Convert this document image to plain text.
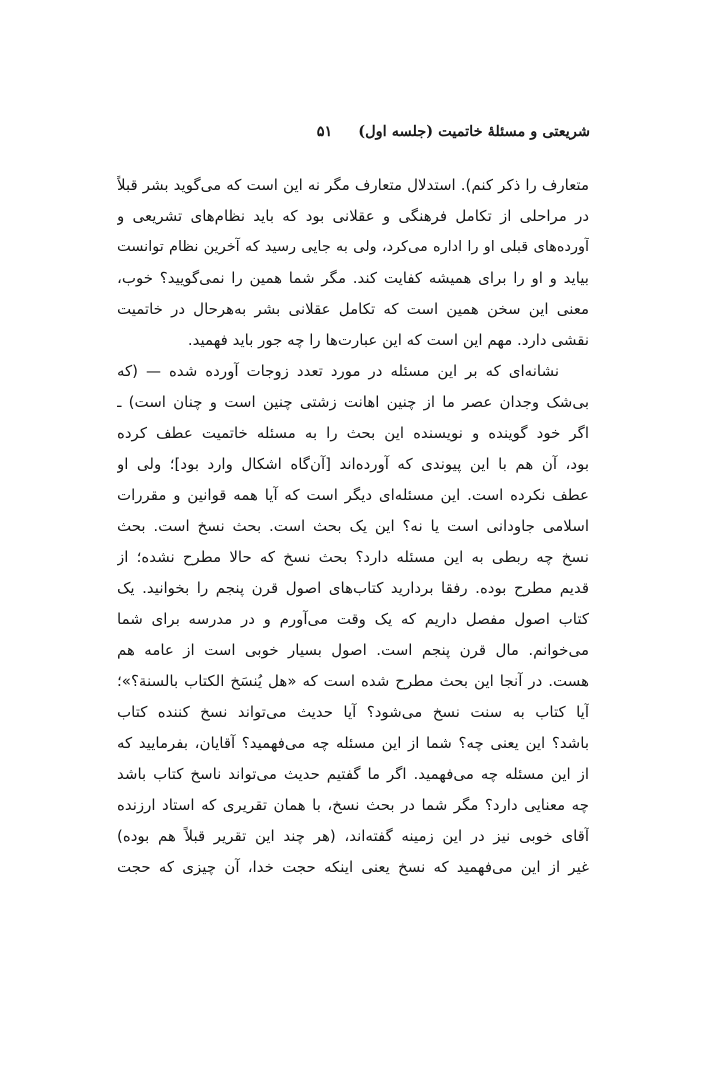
شریعتی و مسئلهٔ خاتمیت (جلسه اول)
۵۱
متعارف را ذکر کنم). استدلال متعارف مگر نه این است که می‌گوید بشر قبلاً
در مراحلی از تکامل فرهنگی و عقلانی بود که باید نظام‌های تشریعی و
آورده‌های قبلی او را اداره می‌کرد، ولی به جایی رسید که آخرین نظام توانست
بیاید و او را برای همیشه کفایت کند. مگر شما همین را نمی‌گویید؟ خوب،
معنی این سخن همین است که تکامل عقلانی بشر به‌هرحال در خاتمیت
نقشی دارد. مهم این است که این عبارت‌ها را چه جور باید فهمید.
نشانه‌ای که بر این مسئله در مورد تعدد زوجات آورده شده — (که
بی‌شک وجدان عصر ما از چنین اهانت زشتی چنین است و چنان است) ـ
اگر خود گوینده و نویسنده این بحث را به مسئله خاتمیت عطف کرده
بود، آن هم با این پیوندی که آورده‌اند [آن‌گاه اشکال وارد بود]؛ ولی او
عطف نکرده است. این مسئله‌ای دیگر است که آیا همه قوانین و مقررات
اسلامی جاودانی است یا نه؟ این یک بحث است. بحث نسخ است. بحث
نسخ چه ربطی به این مسئله دارد؟ بحث نسخ که حالا مطرح نشده؛ از
قدیم مطرح بوده. رفقا بردارید کتاب‌های اصول قرن پنجم را بخوانید. یک
کتاب اصول مفصل داریم که یک وقت می‌آورم و در مدرسه برای شما
می‌خوانم. مال قرن پنجم است. اصول بسیار خوبی است از عامه هم
هست. در آنجا این بحث مطرح شده است که «هل یُنسَخ الکتاب بالسنة؟»؛
آیا کتاب به سنت نسخ می‌شود؟ آیا حدیث می‌تواند نسخ کننده کتاب
باشد؟ این یعنی چه؟ شما از این مسئله چه می‌فهمید؟ آقایان، بفرمایید که
از این مسئله چه می‌فهمید. اگر ما گفتیم حدیث می‌تواند ناسخ کتاب باشد
چه معنایی دارد؟ مگر شما در بحث نسخ، با همان تقریری که استاد ارزنده
آقای خوبی نیز در این زمینه گفته‌اند، (هر چند این تقریر قبلاً هم بوده)
غیر از این می‌فهمید که نسخ یعنی اینکه حجت خدا، آن چیزی که حجت
